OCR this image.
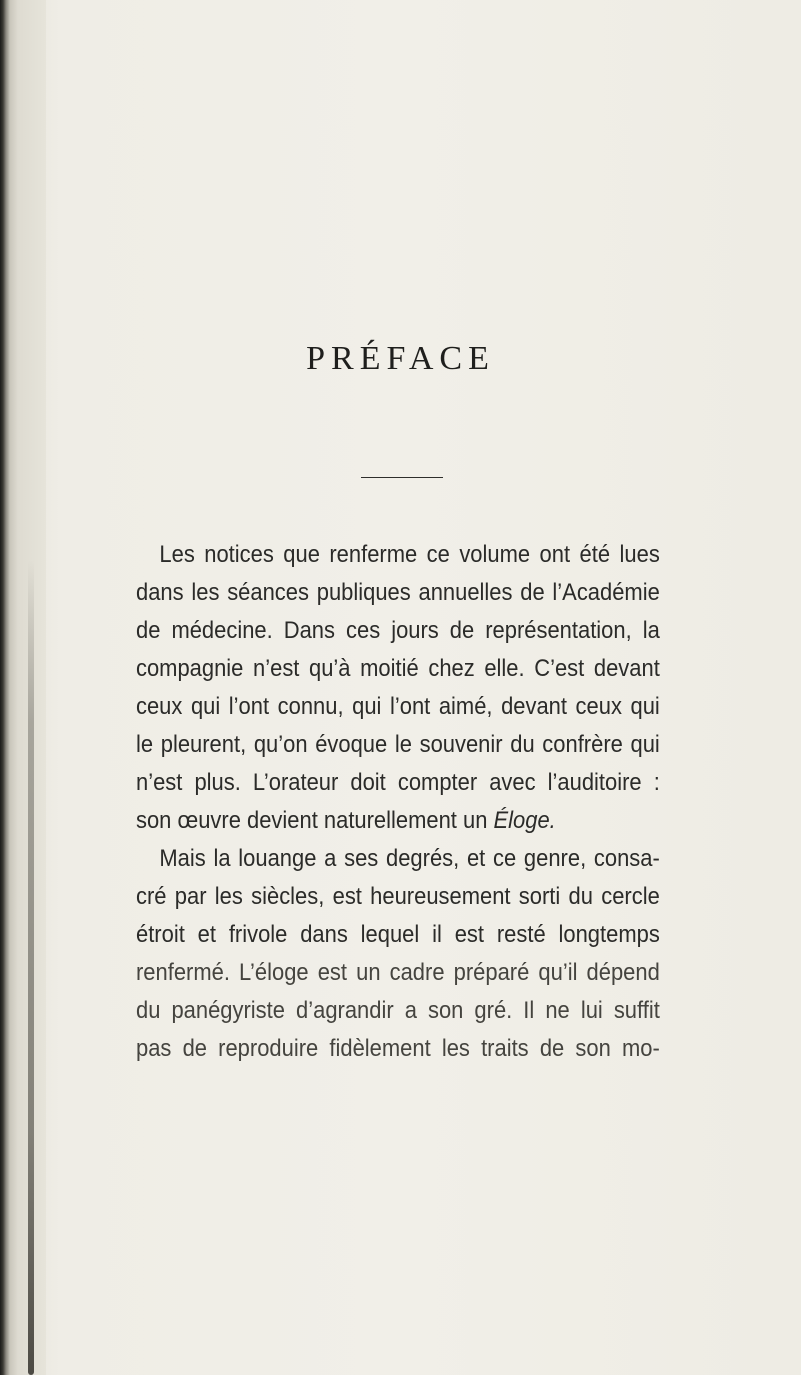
PRÉFACE
Les notices que renferme ce volume ont été lues
dans les séances publiques annuelles de l’Académie
de médecine. Dans ces jours de représentation, la
compagnie n’est qu’à moitié chez elle. C’est devant
ceux qui l’ont connu, qui l’ont aimé, devant ceux qui
le pleurent, qu’on évoque le souvenir du confrère qui
n’est plus. L’orateur doit compter avec l’auditoire :
son œuvre devient naturellement un Éloge.
Mais la louange a ses degrés, et ce genre, consa-
cré par les siècles, est heureusement sorti du cercle
étroit et frivole dans lequel il est resté longtemps
renfermé. L’éloge est un cadre préparé qu’il dépend
du panégyriste d’agrandir a son gré. Il ne lui suffit
pas de reproduire fidèlement les traits de son mo-
